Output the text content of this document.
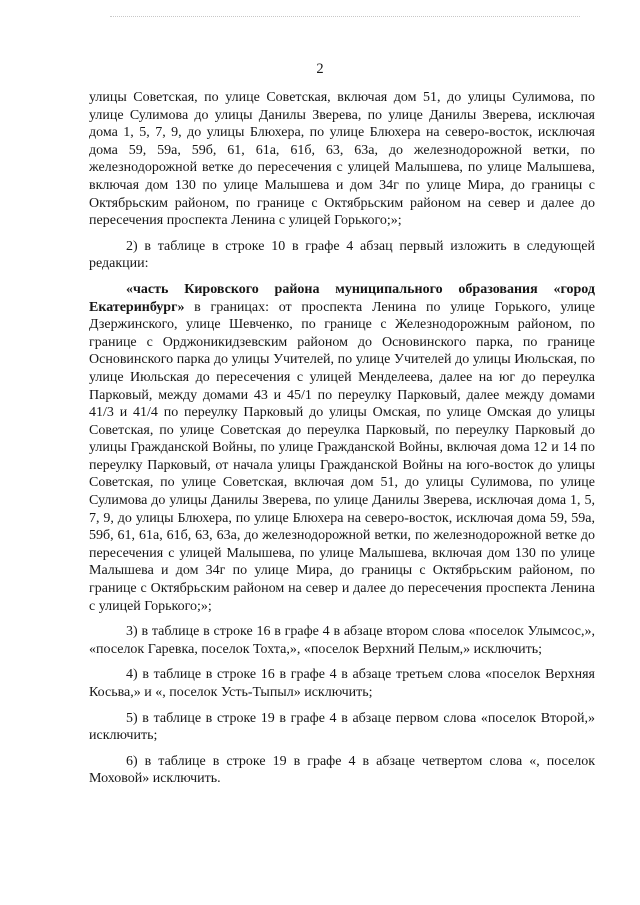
2

улицы Советская, по улице Советская, включая дом 51, до улицы Сулимова, по улице Сулимова до улицы Данилы Зверева, по улице Данилы Зверева, исключая дома 1, 5, 7, 9, до улицы Блюхера, по улице Блюхера на северо-восток, исключая дома 59, 59а, 59б, 61, 61а, 61б, 63, 63а, до железнодорожной ветки, по железнодорожной ветке до пересечения с улицей Малышева, по улице Малышева, включая дом 130 по улице Малышева и дом 34г по улице Мира, до границы с Октябрьским районом, по границе с Октябрьским районом на север и далее до пересечения проспекта Ленина с улицей Горького;»;

2) в таблице в строке 10 в графе 4 абзац первый изложить в следующей редакции:

«часть Кировского района муниципального образования «город Екатеринбург» в границах: от проспекта Ленина по улице Горького, улице Дзержинского, улице Шевченко, по границе с Железнодорожным районом, по границе с Орджоникидзевским районом до Основинского парка, по границе Основинского парка до улицы Учителей, по улице Учителей до улицы Июльская, по улице Июльская до пересечения с улицей Менделеева, далее на юг до переулка Парковый, между домами 43 и 45/1 по переулку Парковый, далее между домами 41/3 и 41/4 по переулку Парковый до улицы Омская, по улице Омская до улицы Советская, по улице Советская до переулка Парковый, по переулку Парковый до улицы Гражданской Войны, по улице Гражданской Войны, включая дома 12 и 14 по переулку Парковый, от начала улицы Гражданской Войны на юго-восток до улицы Советская, по улице Советская, включая дом 51, до улицы Сулимова, по улице Сулимова до улицы Данилы Зверева, по улице Данилы Зверева, исключая дома 1, 5, 7, 9, до улицы Блюхера, по улице Блюхера на северо-восток, исключая дома 59, 59а, 59б, 61, 61а, 61б, 63, 63а, до железнодорожной ветки, по железнодорожной ветке до пересечения с улицей Малышева, по улице Малышева, включая дом 130 по улице Малышева и дом 34г по улице Мира, до границы с Октябрьским районом, по границе с Октябрьским районом на север и далее до пересечения проспекта Ленина с улицей Горького;»;

3) в таблице в строке 16 в графе 4 в абзаце втором слова «поселок Улымсос,», «поселок Гаревка, поселок Тохта,», «поселок Верхний Пелым,» исключить;

4) в таблице в строке 16 в графе 4 в абзаце третьем слова «поселок Верхняя Косьва,» и «, поселок Усть-Тыпыл» исключить;

5) в таблице в строке 19 в графе 4 в абзаце первом слова «поселок Второй,» исключить;

6) в таблице в строке 19 в графе 4 в абзаце четвертом слова «, поселок Моховой» исключить.
